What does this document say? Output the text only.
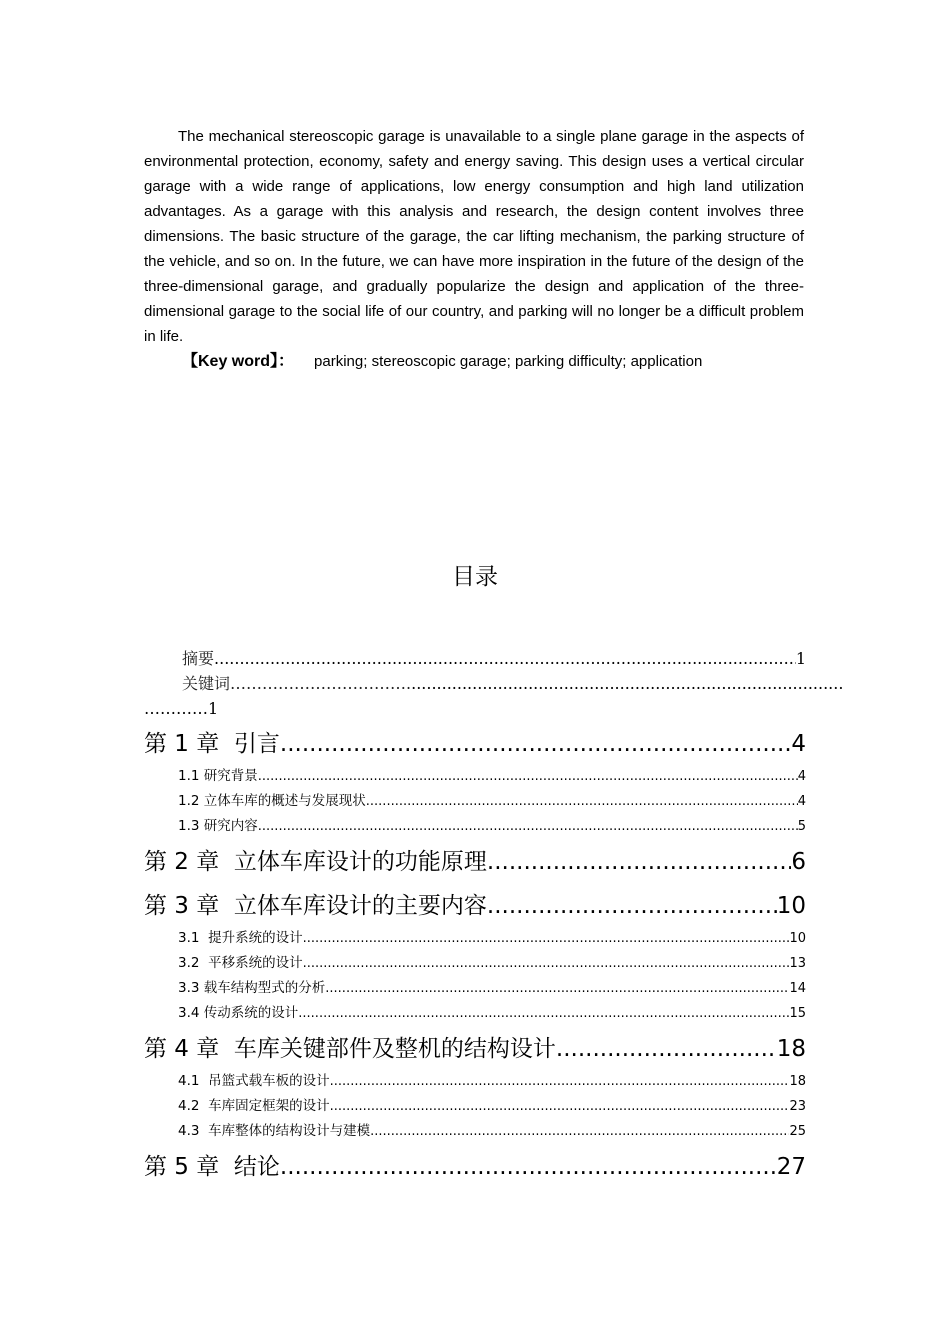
The mechanical stereoscopic garage is unavailable to a single plane garage in the aspects of environmental protection, economy, safety and energy saving. This design uses a vertical circular garage with a wide range of applications, low energy consumption and high land utilization advantages. As a garage with this analysis and research, the design content involves three dimensions. The basic structure of the garage, the car lifting mechanism, the parking structure of the vehicle, and so on. In the future, we can have more inspiration in the future of the design of the three-dimensional garage, and gradually popularize the design and application of the three-dimensional garage to the social life of our country, and parking will no longer be a difficult problem in life.

【Key word】： parking; stereoscopic garage; parking difficulty; application
目录
摘要 .....	1
关键词 …………………………….
.....
…………1
第 1 章 引言 .....	4
1.1 研究背景 .....	4
1.2 立体车库的概述与发展现状 .....	4
1.3 研究内容 .....	5
第 2 章 立体车库设计的功能原理 .....	6
第 3 章 立体车库设计的主要内容 .....	10
3.1 提升系统的设计 .....	10
3.2 平移系统的设计 .....	13
3.3 载车结构型式的分析 .....	14
3.4 传动系统的设计 .....	15
第 4 章 车库关键部件及整机的结构设计 .....	18
4.1 吊篮式载车板的设计 .....	18
4.2 车库固定框架的设计 .....	23
4.3 车库整体的结构设计与建模 .....	25
第 5 章 结论 .....	27
